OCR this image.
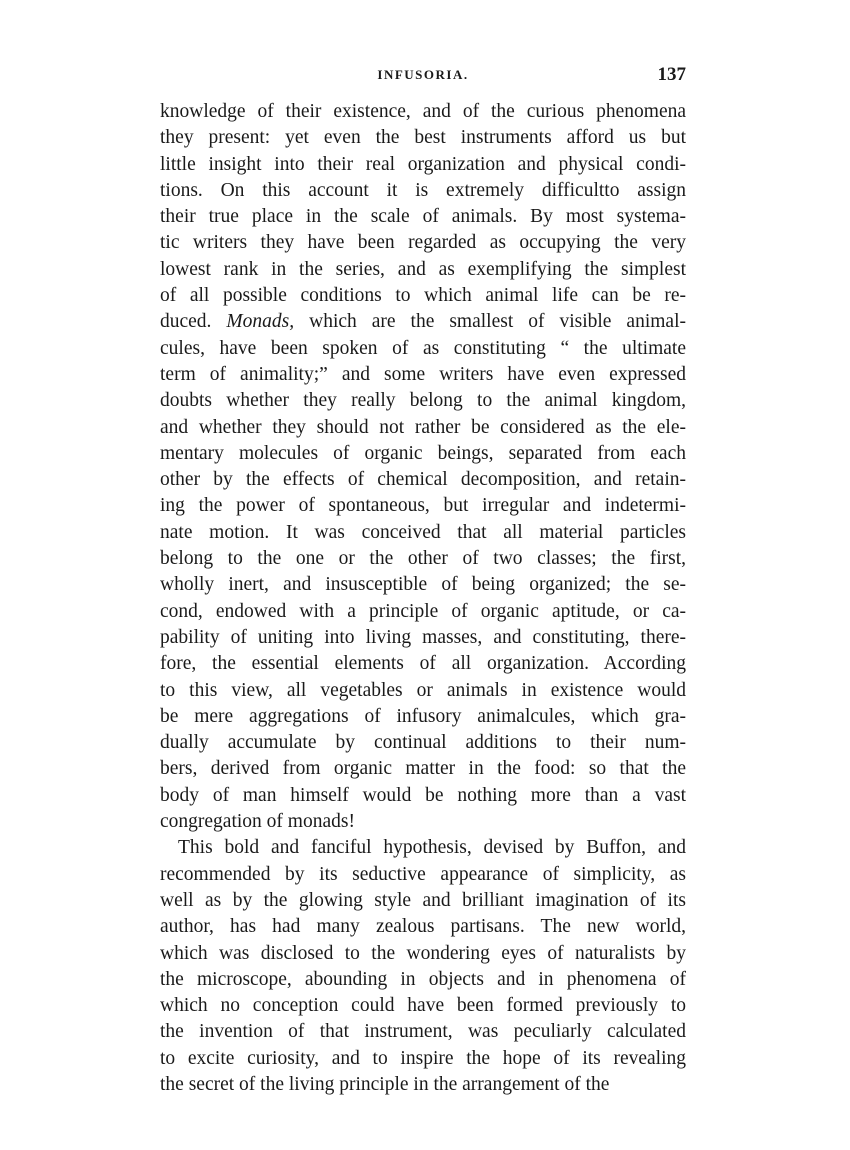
INFUSORIA.	137
knowledge of their existence, and of the curious phenomena
they present: yet even the best instruments afford us but
little insight into their real organization and physical condi-
tions. On this account it is extremely difficultto assign
their true place in the scale of animals. By most systema-
tic writers they have been regarded as occupying the very
lowest rank in the series, and as exemplifying the simplest
of all possible conditions to which animal life can be re-
duced. Monads, which are the smallest of visible animal-
cules, have been spoken of as constituting “ the ultimate
term of animality;” and some writers have even expressed
doubts whether they really belong to the animal kingdom,
and whether they should not rather be considered as the ele-
mentary molecules of organic beings, separated from each
other by the effects of chemical decomposition, and retain-
ing the power of spontaneous, but irregular and indetermi-
nate motion. It was conceived that all material particles
belong to the one or the other of two classes; the first,
wholly inert, and insusceptible of being organized; the se-
cond, endowed with a principle of organic aptitude, or ca-
pability of uniting into living masses, and constituting, there-
fore, the essential elements of all organization. According
to this view, all vegetables or animals in existence would
be mere aggregations of infusory animalcules, which gra-
dually accumulate by continual additions to their num-
bers, derived from organic matter in the food: so that the
body of man himself would be nothing more than a vast
congregation of monads!
This bold and fanciful hypothesis, devised by Buffon, and
recommended by its seductive appearance of simplicity, as
well as by the glowing style and brilliant imagination of its
author, has had many zealous partisans. The new world,
which was disclosed to the wondering eyes of naturalists by
the microscope, abounding in objects and in phenomena of
which no conception could have been formed previously to
the invention of that instrument, was peculiarly calculated
to excite curiosity, and to inspire the hope of its revealing
the secret of the living principle in the arrangement of the
